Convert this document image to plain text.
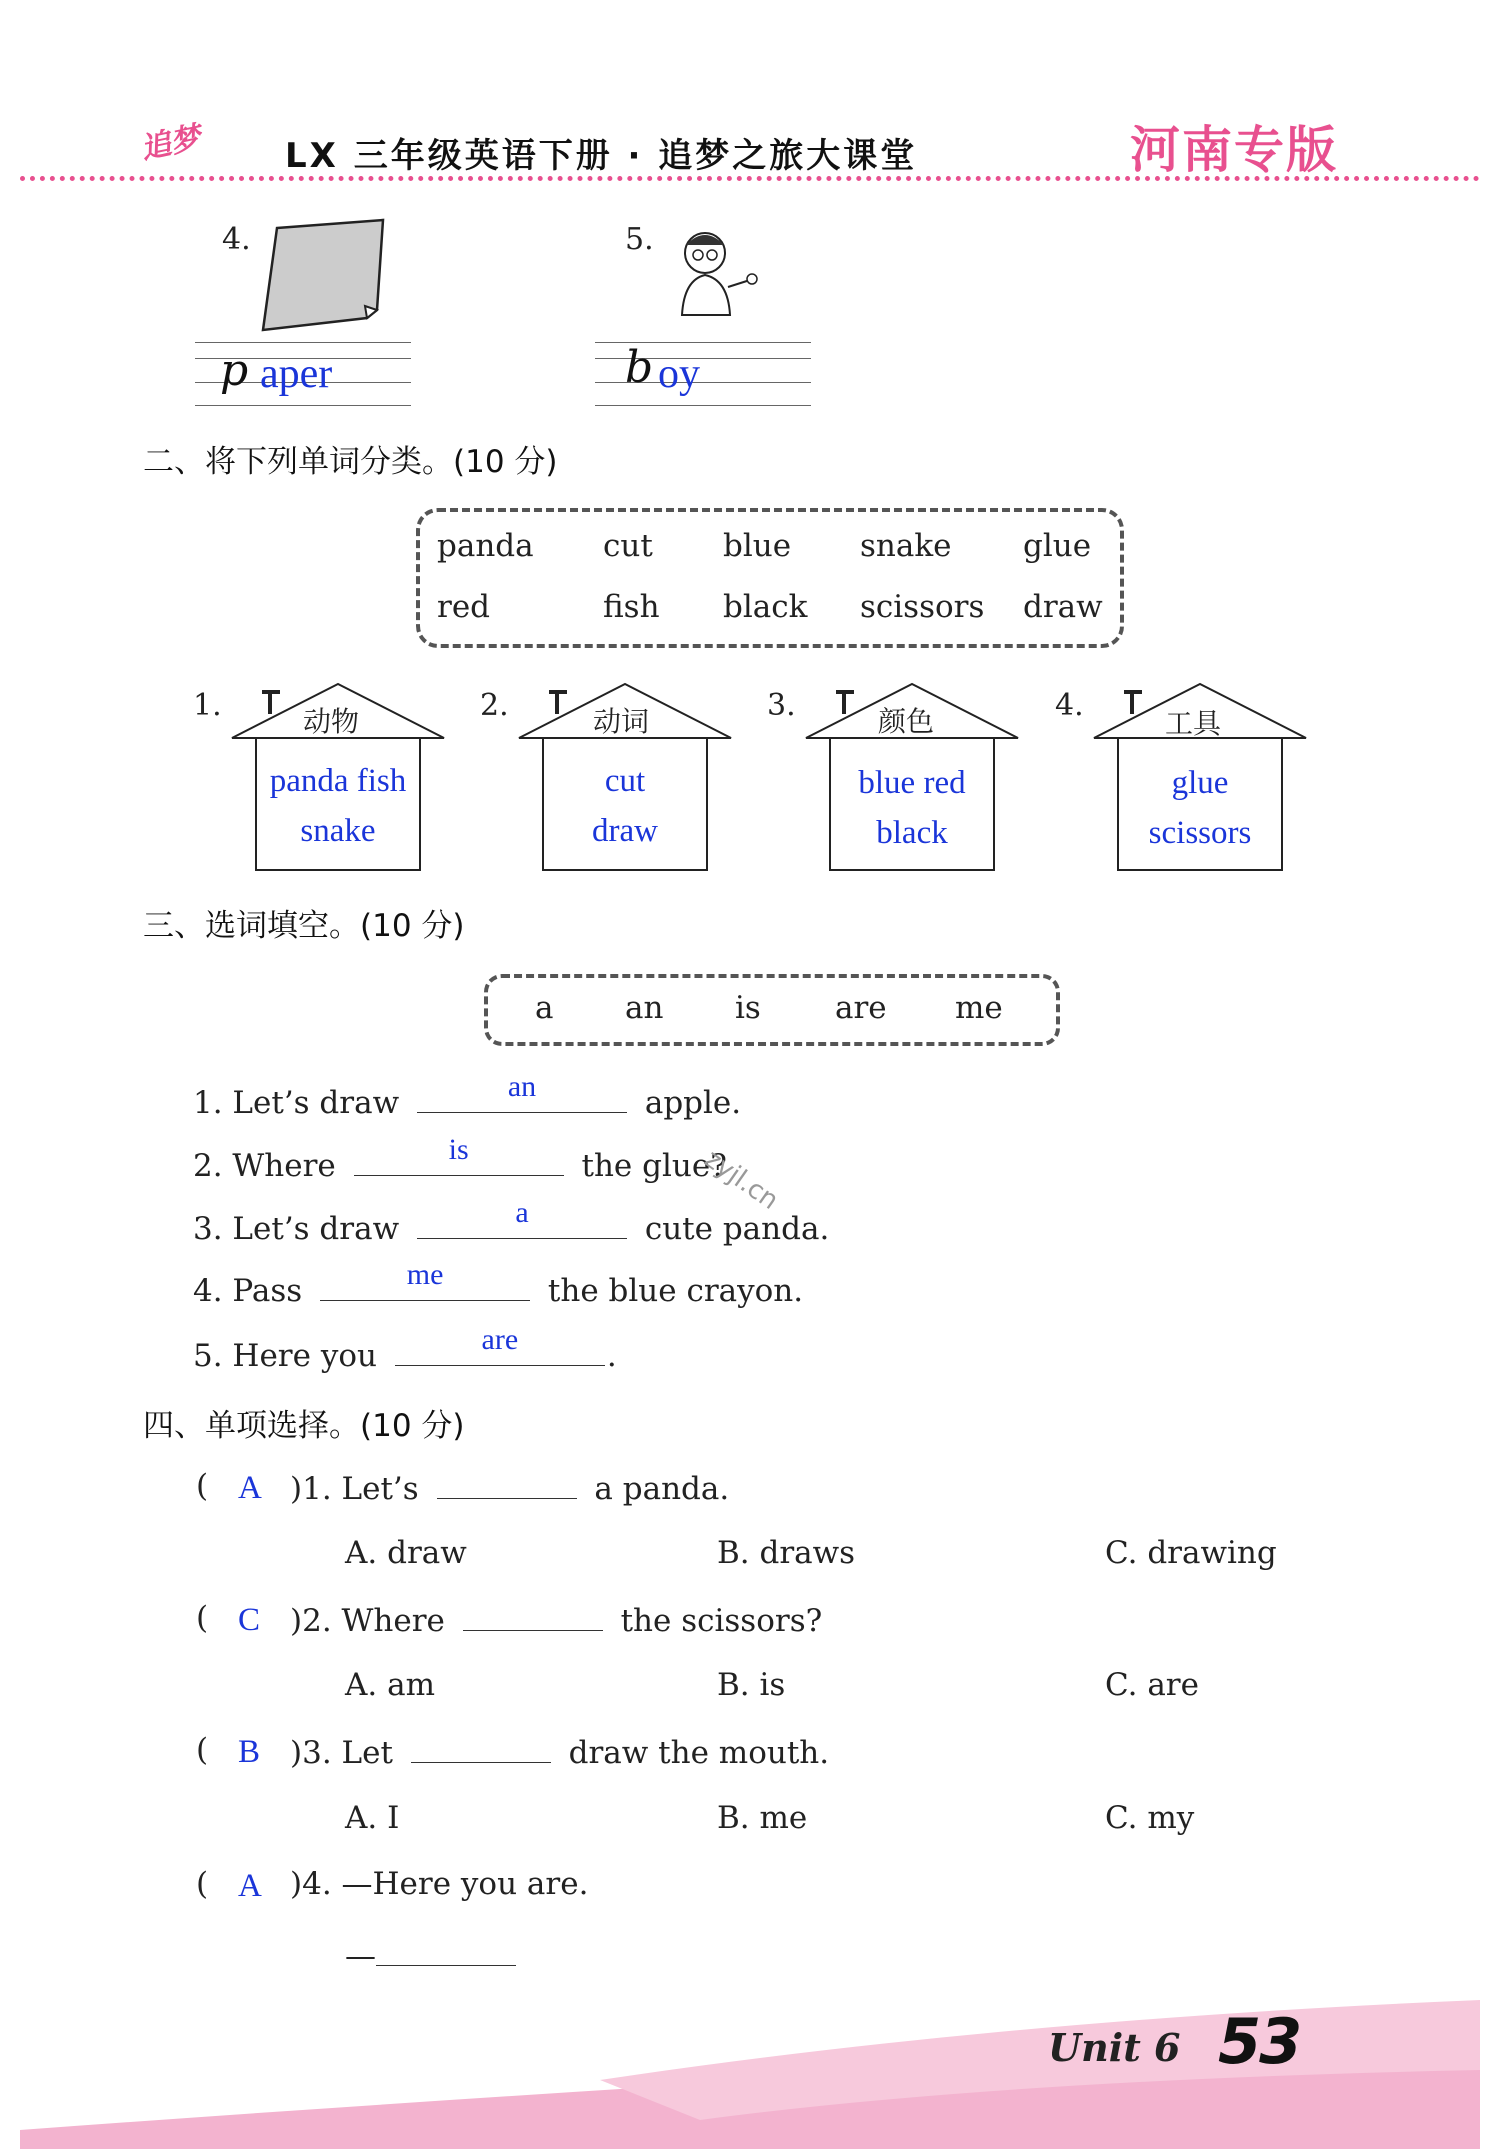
追梦 LX 三年级英语下册 · 追梦之旅大课堂	河南专版
4.	5.
p aper	b oy
二、将下列单词分类。(10 分)
panda cut blue snake glue
red	fish black scissors draw
1.	动物
panda fish
snake
2.	动词
cut
draw
3.	颜色
blue red
black
4.
工具
glue
scissors
三、选词填空。(10 分)
a an is are me
1. Let’s draw	an	apple.
2. Where	is	the glue?
3. Let’s draw	a	cute panda.
4. Pass	me	the blue crayon.
5. Here you	are	.
zyjl.cn
四、单项选择。(10 分)
( A )1. Let’s	a panda.
A. draw	B. draws	C. drawing
( C )2. Where	the scissors?
A. am	B. is	C. are
( B )3. Let	draw the mouth.
A. I	B. me	C. my
( A )4. —Here you are.
—
Unit 6 53
